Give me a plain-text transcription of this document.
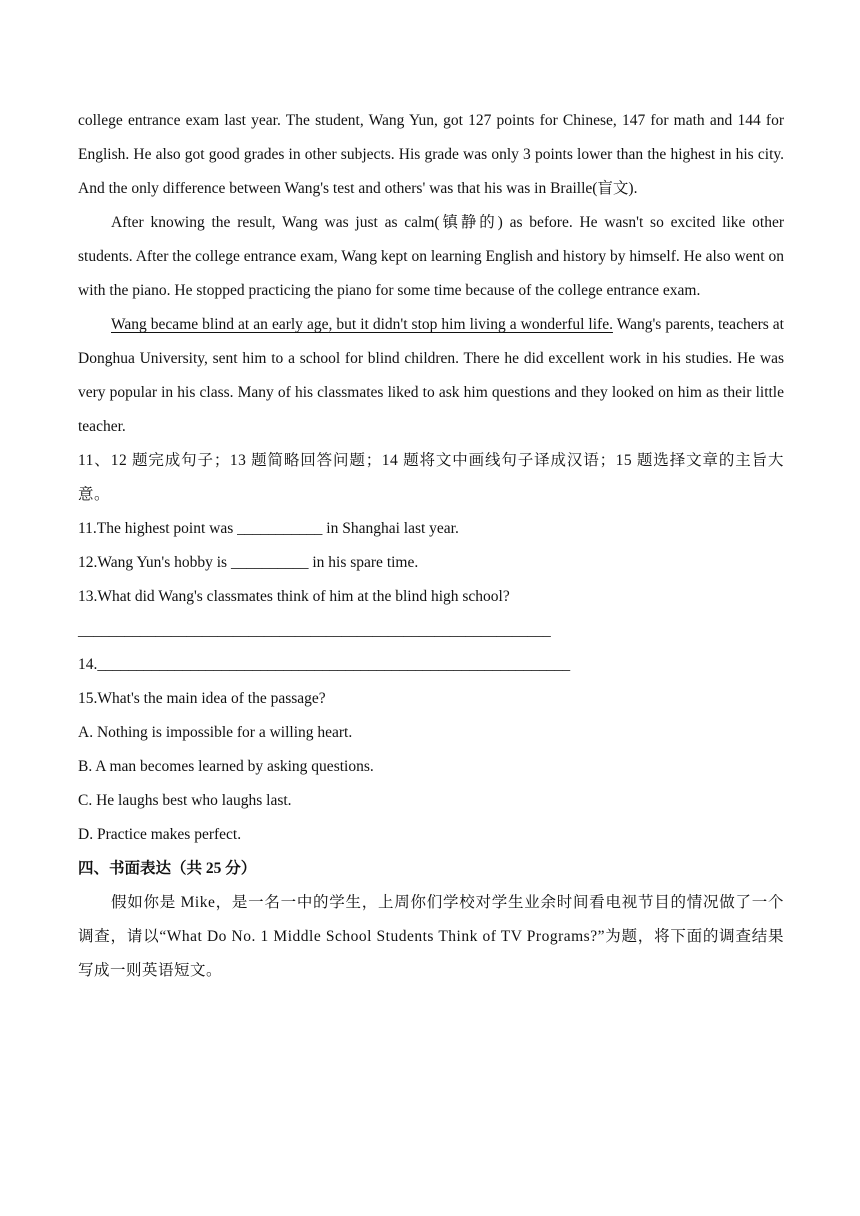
college entrance exam last year. The student, Wang Yun, got 127 points for Chinese, 147 for math and 144 for English. He also got good grades in other subjects. His grade was only 3 points lower than the highest in his city. And the only difference between Wang's test and others' was that his was in Braille(盲文).

After knowing the result, Wang was just as calm(镇静的) as before. He wasn't so excited like other students. After the college entrance exam, Wang kept on learning English and history by himself. He also went on with the piano. He stopped practicing the piano for some time because of the college entrance exam.

Wang became blind at an early age, but it didn't stop him living a wonderful life. Wang's parents, teachers at Donghua University, sent him to a school for blind children. There he did excellent work in his studies. He was very popular in his class. Many of his classmates liked to ask him questions and they looked on him as their little teacher.

11、12 题完成句子；13 题简略回答问题；14 题将文中画线句子译成汉语；15 题选择文章的主旨大意。

11.The highest point was ___________ in Shanghai last year.

12.Wang Yun's hobby is __________ in his spare time.

13.What did Wang's classmates think of him at the blind high school?

_____________________________________________________________

14._____________________________________________________________

15.What's the main idea of the passage?

A. Nothing is impossible for a willing heart.

B. A man becomes learned by asking questions.

C. He laughs best who laughs last.

D. Practice makes perfect.

四、书面表达（共 25 分）

假如你是 Mike，是一名一中的学生，上周你们学校对学生业余时间看电视节目的情况做了一个调查，请以“What Do No. 1 Middle School Students Think of TV Programs?”为题，将下面的调查结果写成一则英语短文。
